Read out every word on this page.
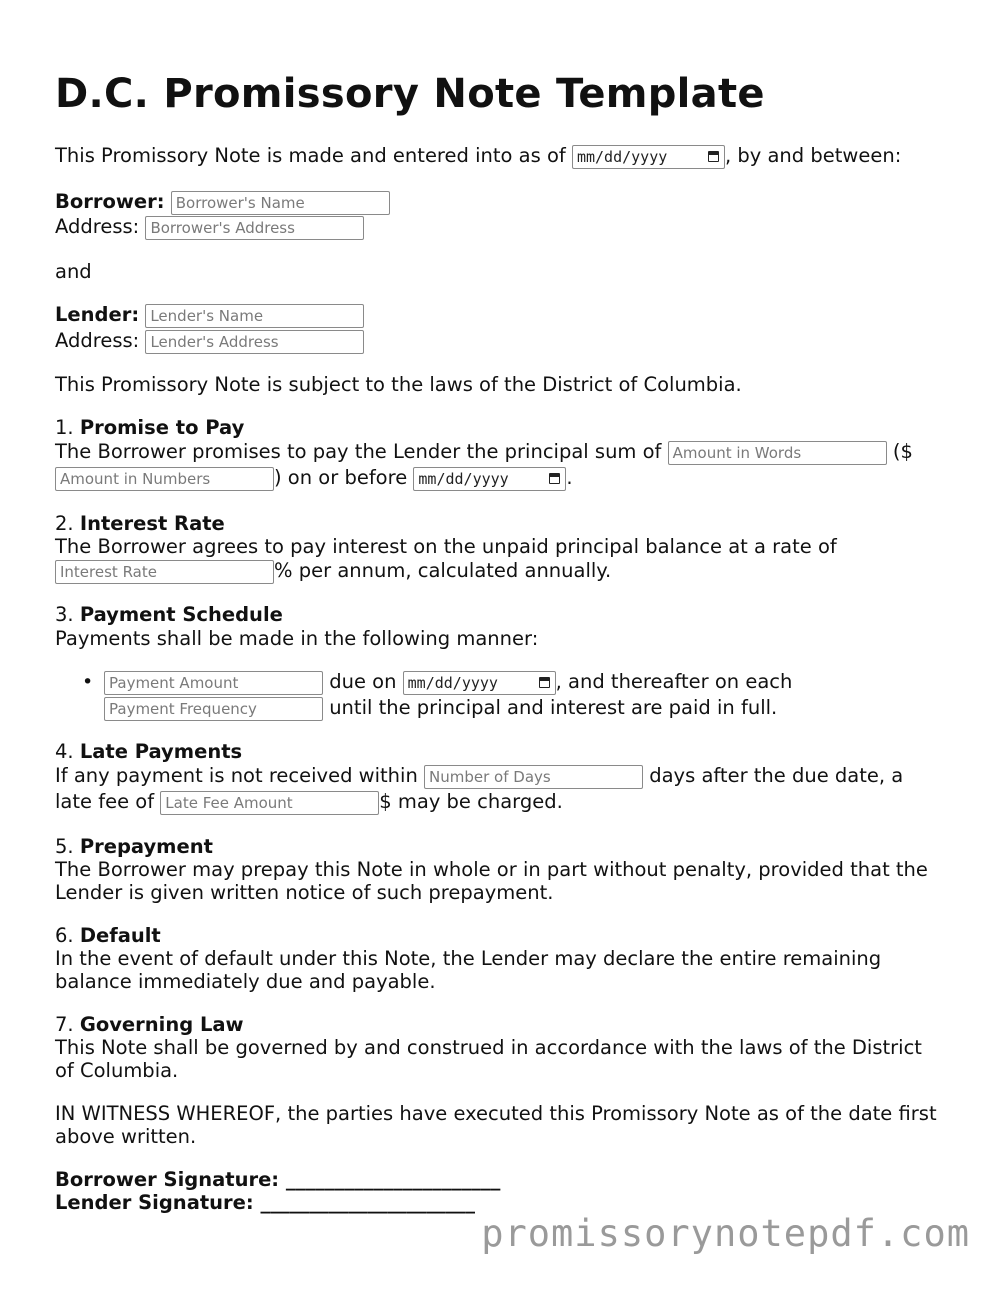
D.C. Promissory Note Template
This Promissory Note is made and entered into as of mm/dd/yyyy	, by and between:
Borrower: Borrower's Name
Address: Borrower's Address
and
Lender: Lender's Name
Address: Lender's Address
This Promissory Note is subject to the laws of the District of Columbia.
1. Promise to Pay
The Borrower promises to pay the Lender the principal sum of Amount in Words	($
Amount in Numbers	) on or before mm/dd/yyyy	.
2. Interest Rate
The Borrower agrees to pay interest on the unpaid principal balance at a rate of
Interest Rate	% per annum, calculated annually.
3. Payment Schedule
Payments shall be made in the following manner:
•	Payment Amount	due on mm/dd/yyyy	, and thereafter on each
Payment Frequency	until the principal and interest are paid in full.
4. Late Payments
If any payment is not received within Number of Days	days after the due date, a
late fee of Late Fee Amount	$ may be charged.
5. Prepayment
The Borrower may prepay this Note in whole or in part without penalty, provided that the
Lender is given written notice of such prepayment.
6. Default
In the event of default under this Note, the Lender may declare the entire remaining
balance immediately due and payable.
7. Governing Law
This Note shall be governed by and construed in accordance with the laws of the District
of Columbia.
IN WITNESS WHEREOF, the parties have executed this Promissory Note as of the date first
above written.
Borrower Signature: ______________________
Lender Signature: ______________________
promissorynotepdf.com
